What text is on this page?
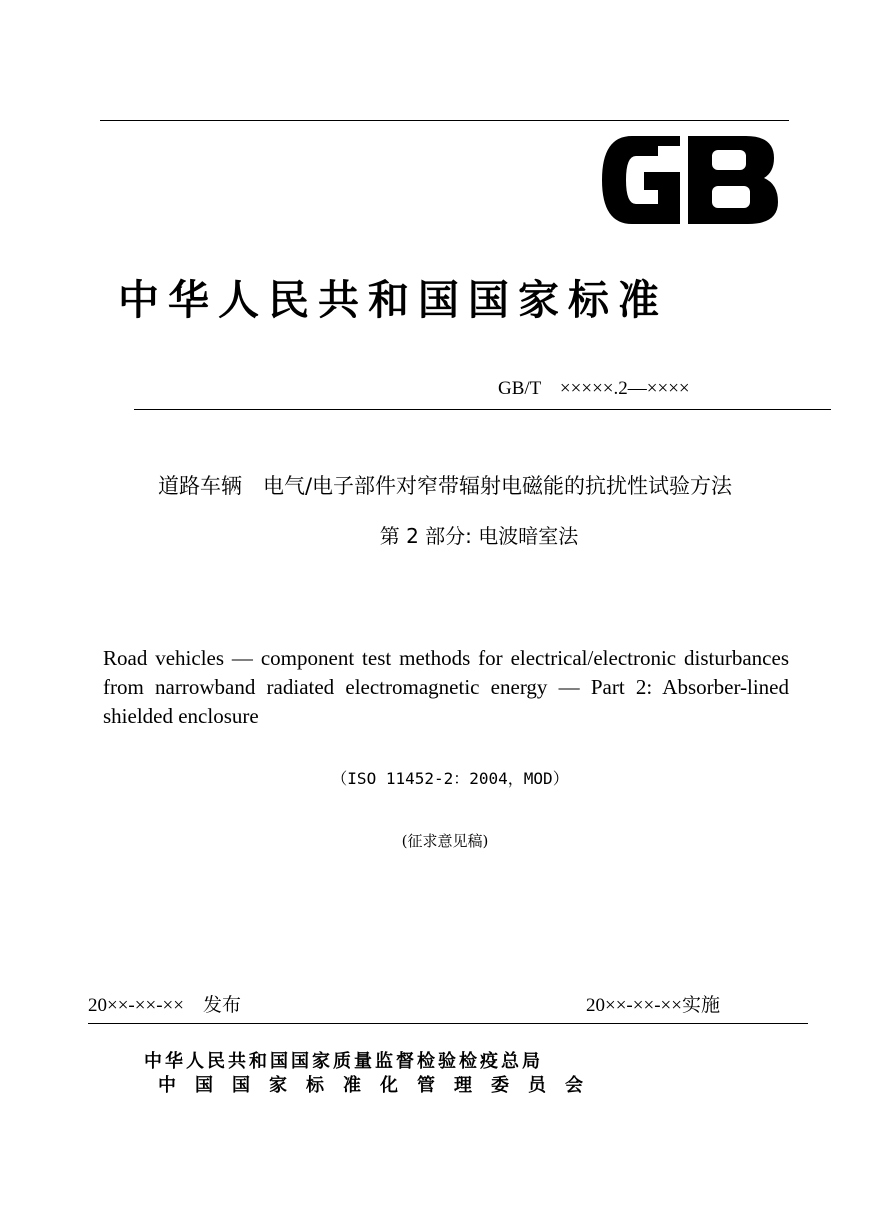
中华人民共和国国家标准
GB/T　×××××.2—××××
道路车辆　电气/电子部件对窄带辐射电磁能的抗扰性试验方法
第 2 部分: 电波暗室法
Road vehicles — component test methods for electrical/electronic disturbances from narrowband radiated electromagnetic energy — Part 2: Absorber-lined shielded enclosure
（ISO 11452-2：2004，MOD）
(征求意见稿)
20××-××-××　发布	20××-××-××实施
中华人民共和国国家质量监督检验检疫总局
中国国家标准化管理委员会
